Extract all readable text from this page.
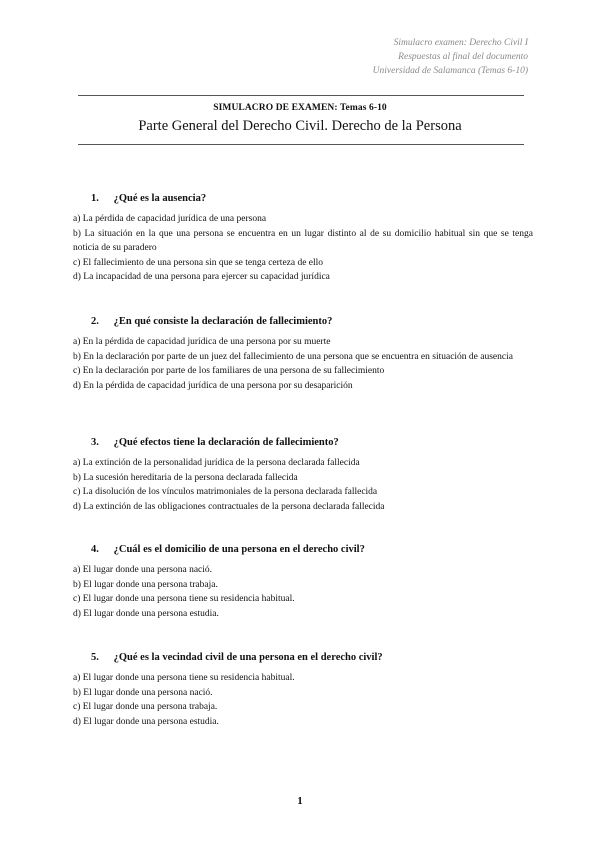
Simulacro examen: Derecho Civil I
Respuestas al final del documento
Universidad de Salamanca (Temas 6-10)
SIMULACRO DE EXAMEN: Temas 6-10
Parte General del Derecho Civil. Derecho de la Persona
1. ¿Qué es la ausencia?
a) La pérdida de capacidad jurídica de una persona
b) La situación en la que una persona se encuentra en un lugar distinto al de su domicilio habitual sin que se tenga noticia de su paradero
c) El fallecimiento de una persona sin que se tenga certeza de ello
d) La incapacidad de una persona para ejercer su capacidad jurídica
2. ¿En qué consiste la declaración de fallecimiento?
a) En la pérdida de capacidad jurídica de una persona por su muerte
b) En la declaración por parte de un juez del fallecimiento de una persona que se encuentra en situación de ausencia
c) En la declaración por parte de los familiares de una persona de su fallecimiento
d) En la pérdida de capacidad jurídica de una persona por su desaparición
3. ¿Qué efectos tiene la declaración de fallecimiento?
a) La extinción de la personalidad jurídica de la persona declarada fallecida
b) La sucesión hereditaria de la persona declarada fallecida
c) La disolución de los vínculos matrimoniales de la persona declarada fallecida
d) La extinción de las obligaciones contractuales de la persona declarada fallecida
4. ¿Cuál es el domicilio de una persona en el derecho civil?
a) El lugar donde una persona nació.
b) El lugar donde una persona trabaja.
c) El lugar donde una persona tiene su residencia habitual.
d) El lugar donde una persona estudia.
5. ¿Qué es la vecindad civil de una persona en el derecho civil?
a) El lugar donde una persona tiene su residencia habitual.
b) El lugar donde una persona nació.
c) El lugar donde una persona trabaja.
d) El lugar donde una persona estudia.
1
